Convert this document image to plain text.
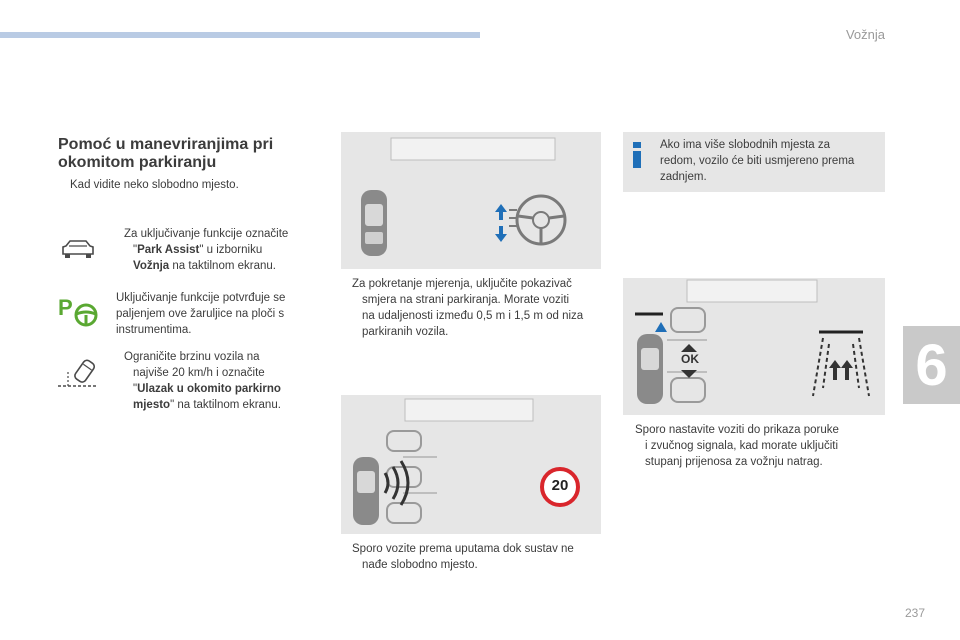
Vožnja
6
237
Pomoć u manevriranjima pri
okomitom parkiranju
Kad vidite neko slobodno mjesto.
Za uključivanje funkcije označite
"Park Assist" u izborniku
Vožnja na taktilnom ekranu.
P	Uključivanje funkcije potvrđuje se
paljenjem ove žaruljice na ploči s
instrumentima.
Ograničite brzinu vozila na
najviše 20 km/h i označite
"Ulazak u okomito parkirno
mjesto" na taktilnom ekranu.
Za pokretanje mjerenja, uključite pokazivač
smjera na strani parkiranja. Morate voziti
na udaljenosti između 0,5 m i 1,5 m od niza
parkiranih vozila.
20
Sporo vozite prema uputama dok sustav ne
nađe slobodno mjesto.
Ako ima više slobodnih mjesta za
redom, vozilo će biti usmjereno prema
zadnjem.
OK
Sporo nastavite voziti do prikaza poruke
i zvučnog signala, kad morate uključiti
stupanj prijenosa za vožnju natrag.
